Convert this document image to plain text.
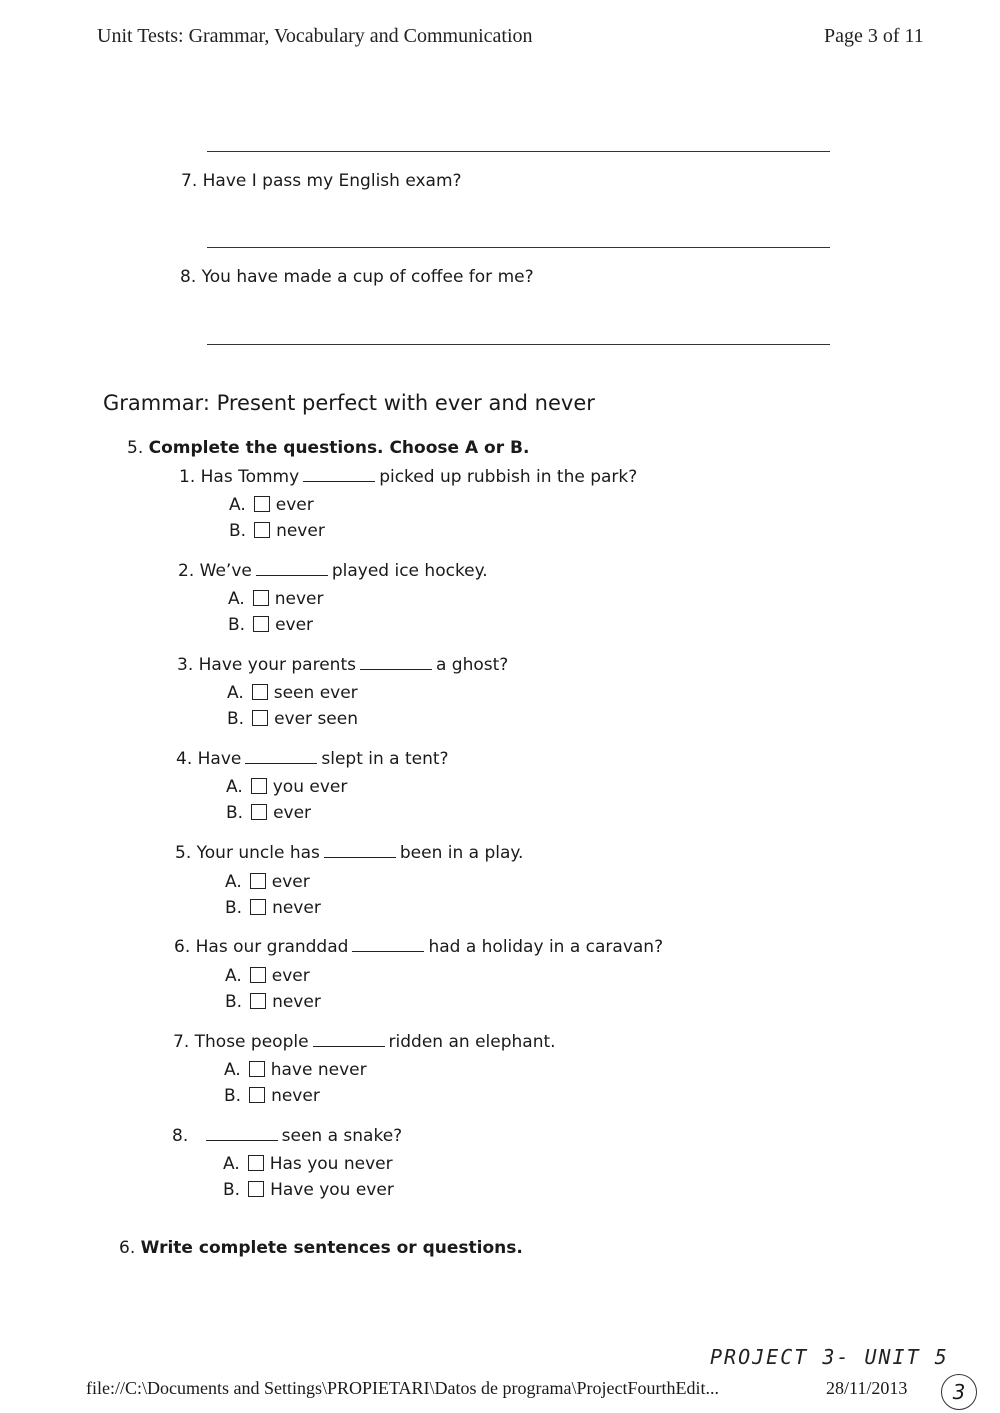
Unit Tests: Grammar, Vocabulary and Communication	Page 3 of 11
7. Have I pass my English exam?
8. You have made a cup of coffee for me?
Grammar: Present perfect with ever and never
5. Complete the questions. Choose A or B.
1. Has Tommy	picked up rubbish in the park?
A. ever
B. never
2. We’ve	played ice hockey.
A. never
B. ever
3. Have your parents	a ghost?
A. seen ever
B. ever seen
4. Have	slept in a tent?
A. you ever
B. ever
5. Your uncle has	been in a play.
A. ever
B. never
6. Has our granddad	had a holiday in a caravan?
A. ever
B. never
7. Those people	ridden an elephant.
A. have never
B. never
8.	seen a snake?
A. Has you never
B. Have you ever
6. Write complete sentences or questions.
PROJECT 3- UNIT 5
3
file://C:\Documents and Settings\PROPIETARI\Datos de programa\ProjectFourthEdit...	28/11/2013
